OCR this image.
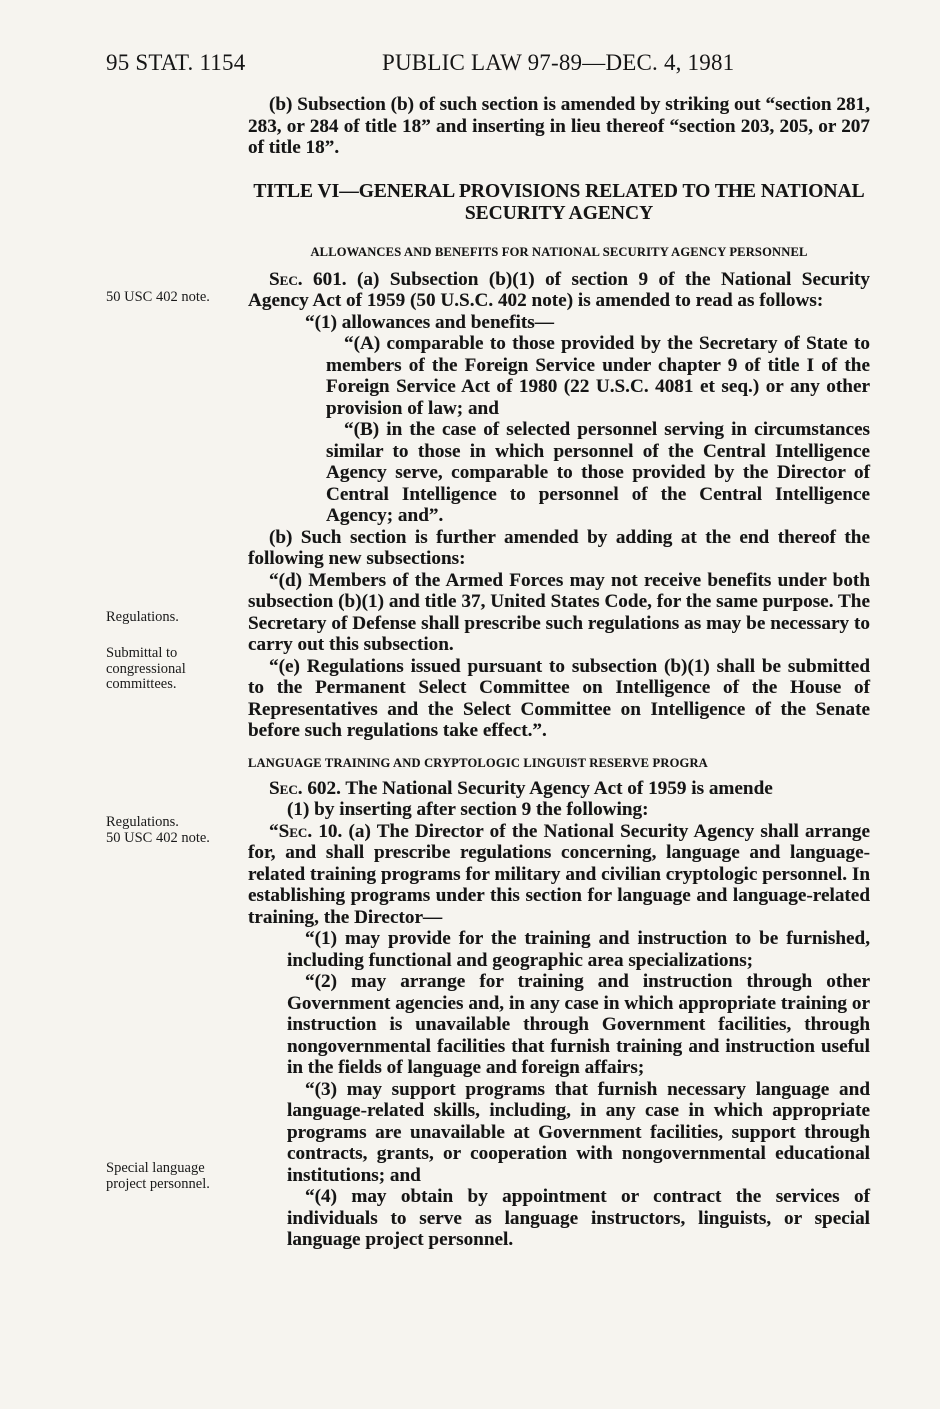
95 STAT. 1154	PUBLIC LAW 97-89—DEC. 4, 1981
50 USC 402 note.
Regulations.
Submittal to congressional committees.
Regulations.
50 USC 402 note.
Special language project personnel.

(b) Subsection (b) of such section is amended by striking out “section 281, 283, or 284 of title 18” and inserting in lieu thereof “section 203, 205, or 207 of title 18”.

TITLE VI—GENERAL PROVISIONS RELATED TO THE NATIONAL SECURITY AGENCY
ALLOWANCES AND BENEFITS FOR NATIONAL SECURITY AGENCY PERSONNEL

Sec. 601. (a) Subsection (b)(1) of section 9 of the National Security Agency Act of 1959 (50 U.S.C. 402 note) is amended to read as follows:

“(1) allowances and benefits—

“(A) comparable to those provided by the Secretary of State to members of the Foreign Service under chapter 9 of title I of the Foreign Service Act of 1980 (22 U.S.C. 4081 et seq.) or any other provision of law; and

“(B) in the case of selected personnel serving in circumstances similar to those in which personnel of the Central Intelligence Agency serve, comparable to those provided by the Director of Central Intelligence to personnel of the Central Intelligence Agency; and”.

(b) Such section is further amended by adding at the end thereof the following new subsections:

“(d) Members of the Armed Forces may not receive benefits under both subsection (b)(1) and title 37, United States Code, for the same purpose. The Secretary of Defense shall prescribe such regulations as may be necessary to carry out this subsection.

“(e) Regulations issued pursuant to subsection (b)(1) shall be submitted to the Permanent Select Committee on Intelligence of the House of Representatives and the Select Committee on Intelligence of the Senate before such regulations take effect.”.

LANGUAGE TRAINING AND CRYPTOLOGIC LINGUIST RESERVE PROGRA

Sec. 602. The National Security Agency Act of 1959 is amende

(1) by inserting after section 9 the following:

“Sec. 10. (a) The Director of the National Security Agency shall arrange for, and shall prescribe regulations concerning, language and language-related training programs for military and civilian cryptologic personnel. In establishing programs under this section for language and language-related training, the Director—

“(1) may provide for the training and instruction to be furnished, including functional and geographic area specializations;

“(2) may arrange for training and instruction through other Government agencies and, in any case in which appropriate training or instruction is unavailable through Government facilities, through nongovernmental facilities that furnish training and instruction useful in the fields of language and foreign affairs;

“(3) may support programs that furnish necessary language and language-related skills, including, in any case in which appropriate programs are unavailable at Government facilities, support through contracts, grants, or cooperation with nongovernmental educational institutions; and

“(4) may obtain by appointment or contract the services of individuals to serve as language instructors, linguists, or special language project personnel.
